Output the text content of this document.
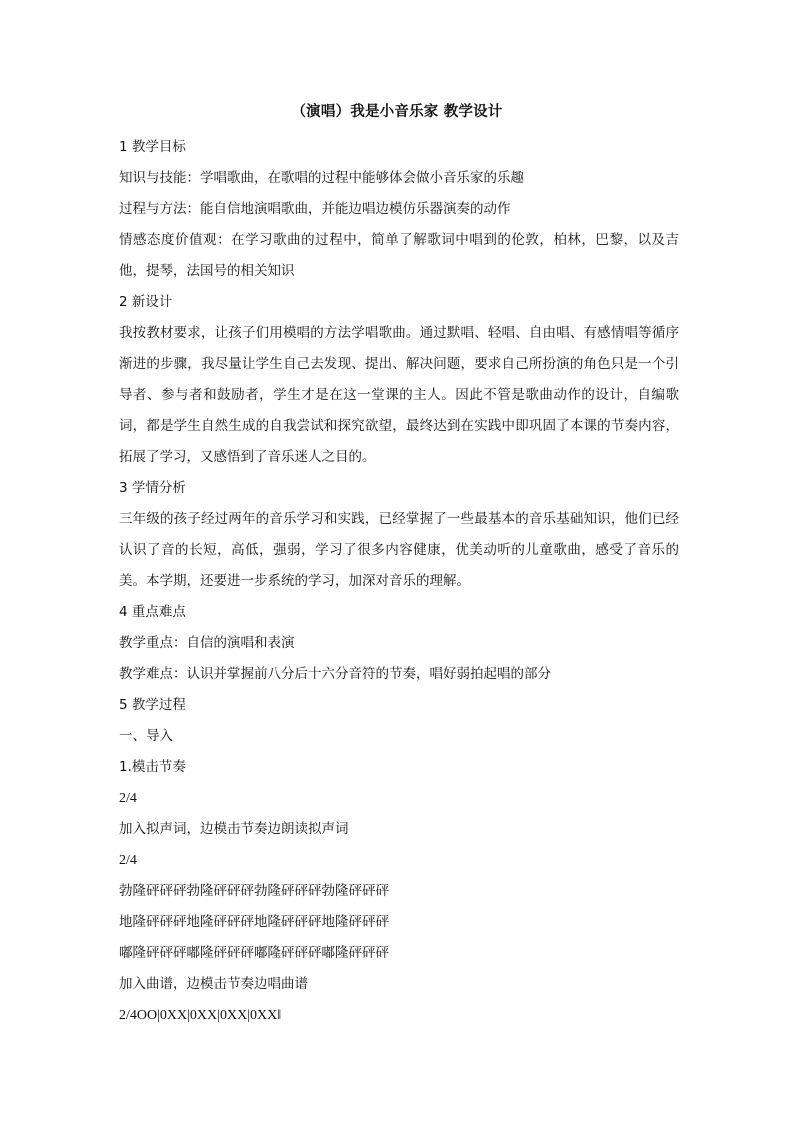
（演唱）我是小音乐家 教学设计

1 教学目标

知识与技能：学唱歌曲，在歌唱的过程中能够体会做小音乐家的乐趣

过程与方法：能自信地演唱歌曲，并能边唱边模仿乐器演奏的动作

情感态度价值观：在学习歌曲的过程中，简单了解歌词中唱到的伦敦，柏林，巴黎，以及吉他，提琴，法国号的相关知识

2 新设计

我按教材要求，让孩子们用模唱的方法学唱歌曲。通过默唱、轻唱、自由唱、有感情唱等循序渐进的步骤，我尽量让学生自己去发现、提出、解决问题，要求自己所扮演的角色只是一个引导者、参与者和鼓励者，学生才是在这一堂课的主人。因此不管是歌曲动作的设计，自编歌词，都是学生自然生成的自我尝试和探究欲望，最终达到在实践中即巩固了本课的节奏内容，拓展了学习，又感悟到了音乐迷人之目的。

3 学情分析

三年级的孩子经过两年的音乐学习和实践，已经掌握了一些最基本的音乐基础知识，他们已经认识了音的长短，高低，强弱，学习了很多内容健康，优美动听的儿童歌曲，感受了音乐的美。本学期，还要进一步系统的学习，加深对音乐的理解。

4 重点难点

教学重点：自信的演唱和表演

教学难点：认识并掌握前八分后十六分音符的节奏，唱好弱拍起唱的部分

5 教学过程

一、导入

1.模击节奏

2/4

加入拟声词，边模击节奏边朗读拟声词

2/4

勃隆砰砰砰勃隆砰砰砰勃隆砰砰砰勃隆砰砰砰

地隆砰砰砰地隆砰砰砰地隆砰砰砰地隆砰砰砰

嘟隆砰砰砰嘟隆砰砰砰嘟隆砰砰砰嘟隆砰砰砰

加入曲谱，边模击节奏边唱曲谱

2/4OO|0XX|0XX|0XX|0XX‖
